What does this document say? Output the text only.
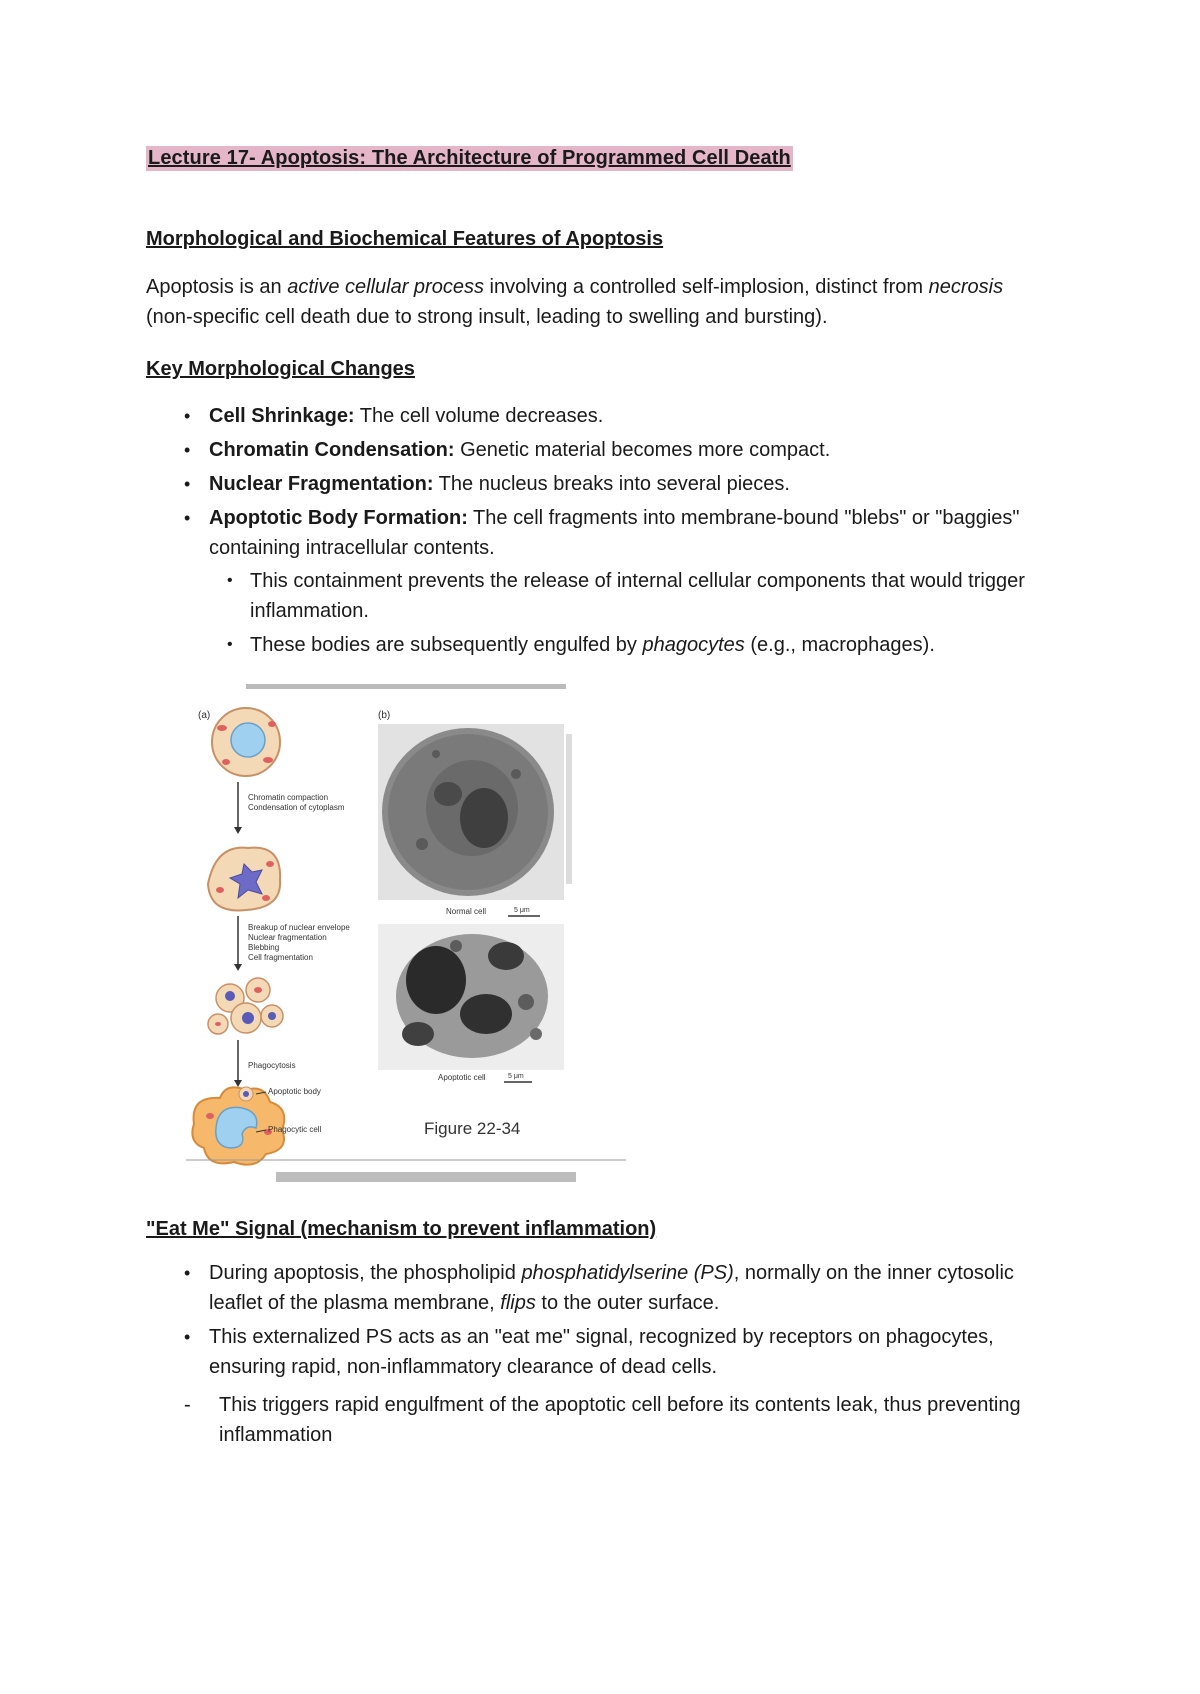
Lecture 17- Apoptosis: The Architecture of Programmed Cell Death
Morphological and Biochemical Features of Apoptosis
Apoptosis is an active cellular process involving a controlled self-implosion, distinct from necrosis (non-specific cell death due to strong insult, leading to swelling and bursting).
Key Morphological Changes
• Cell Shrinkage: The cell volume decreases.
• Chromatin Condensation: Genetic material becomes more compact.
• Nuclear Fragmentation: The nucleus breaks into several pieces.
• Apoptotic Body Formation: The cell fragments into membrane-bound "blebs" or "baggies" containing intracellular contents.
• This containment prevents the release of internal cellular components that would trigger inflammation.
• These bodies are subsequently engulfed by phagocytes (e.g., macrophages).
(a)	(b)
Chromatin compaction
Condensation of cytoplasm
Breakup of nuclear envelope
Nuclear fragmentation
Blebbing
Cell fragmentation
Phagocytosis
Apoptotic body
Phagocytic cell
Normal cell	5 μm
Apoptotic cell	5 μm
Figure 22-34
"Eat Me" Signal (mechanism to prevent inflammation)
• During apoptosis, the phospholipid phosphatidylserine (PS), normally on the inner cytosolic leaflet of the plasma membrane, flips to the outer surface.
• This externalized PS acts as an "eat me" signal, recognized by receptors on phagocytes, ensuring rapid, non-inflammatory clearance of dead cells.
- This triggers rapid engulfment of the apoptotic cell before its contents leak, thus preventing inflammation
